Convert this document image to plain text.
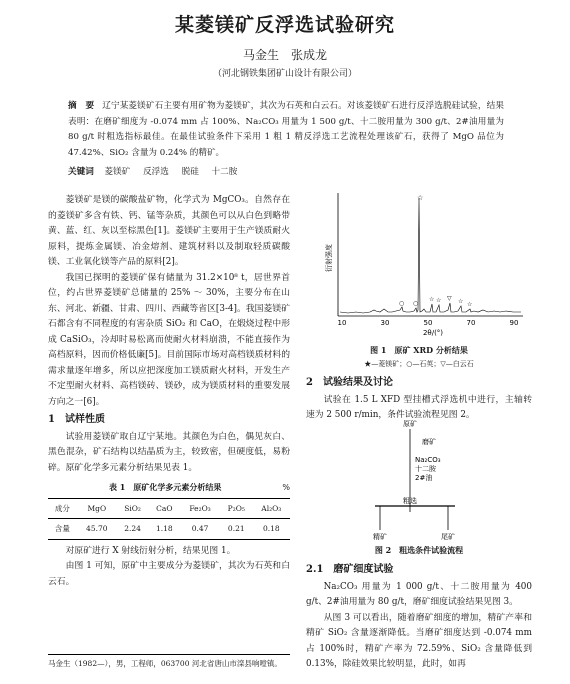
某菱镁矿反浮选试验研究
马金生　张成龙
（河北钢铁集团矿山设计有限公司）
摘　要 辽宁某菱镁矿石主要有用矿物为菱镁矿，其次为石英和白云石。对该菱镁矿石进行反浮选脱硅试验，结果表明：在磨矿细度为 -0.074 mm 占 100%、Na₂CO₃ 用量为 1 500 g/t、十二胺用量为 300 g/t、2#油用量为 80 g/t 时粗选指标最佳。在最佳试验条件下采用 1 粗 1 精反浮选工艺流程处理该矿石，获得了 MgO 品位为 47.42%、SiO₂ 含量为 0.24% 的精矿。
关键词 菱镁矿 反浮选 脱硅 十二胺

菱镁矿是镁的碳酸盐矿物，化学式为 MgCO₃。自然存在的菱镁矿多含有铁、钙、锰等杂质，其颜色可以从白色到略带黄、蓝、红、灰以至棕黑色[1]。菱镁矿主要用于生产镁质耐火原料，提炼金属镁、冶金熔剂、建筑材料以及制取轻质碳酸镁、工业氧化镁等产品的原料[2]。

我国已探明的菱镁矿保有储量为 31.2×10⁸ t，居世界首位，约占世界菱镁矿总储量的 25% ～ 30%，主要分布在山东、河北、新疆、甘肃、四川、西藏等省区[3-4]。我国菱镁矿石都含有不同程度的有害杂质 SiO₂ 和 CaO，在煅烧过程中形成 CaSiO₃，冷却时易松离而使耐火材料崩溃，不能直接作为高档原料，因而价格低廉[5]。目前国际市场对高档镁质材料的需求量逐年增多，所以应把深度加工镁质耐火材料，开发生产不定型耐火材料、高档镁砖、镁砂，成为镁质材料的重要发展方向之一[6]。

1　试样性质

试验用菱镁矿取自辽宁某地。其颜色为白色，偶见灰白、黑色混杂，矿石结构以结晶质为主，较致密，但硬度低，易粉碎。原矿化学多元素分析结果见表 1。

表 1　原矿化学多元素分析结果	%

成分	MgO	SiO₂	CaO	Fe₂O₃	P₂O₅	Al₂O₃
含量	45.70	2.24	1.18	0.47	0.21	0.18

对原矿进行 X 射线衍射分析，结果见图 1。

由图 1 可知，原矿中主要成分为菱镁矿，其次为石英和白云石。

马金生（1982—），男，工程师，063700 河北省唐山市滦县响嘡镇。
衍射强度
☆
○
☆ ☆ ▽ ☆ ☆
○
10	30	50	70	90
2θ/(°)
图 1　原矿 XRD 分析结果
★—菱镁矿；○—石英；▽—白云石

2　试验结果及讨论

试验在 1.5 L XFD 型挂槽式浮选机中进行，主轴转速为 2 500 r/min，条件试验流程见图 2。

原矿
磨矿
Na₂CO₃
十二胺
2#油
粗选
精矿	尾矿
图 2　粗选条件试验流程

2.1　磨矿细度试验

Na₂CO₃ 用量为 1 000 g/t、十二胺用量为 400 g/t、2#油用量为 80 g/t，磨矿细度试验结果见图 3。

从图 3 可以看出，随着磨矿细度的增加，精矿产率和精矿 SiO₂ 含量逐渐降低。当磨矿细度达到 -0.074 mm 占 100%时，精矿产率为 72.59%、SiO₂ 含量降低到 0.13%，除硅效果比较明显，此时，如再
